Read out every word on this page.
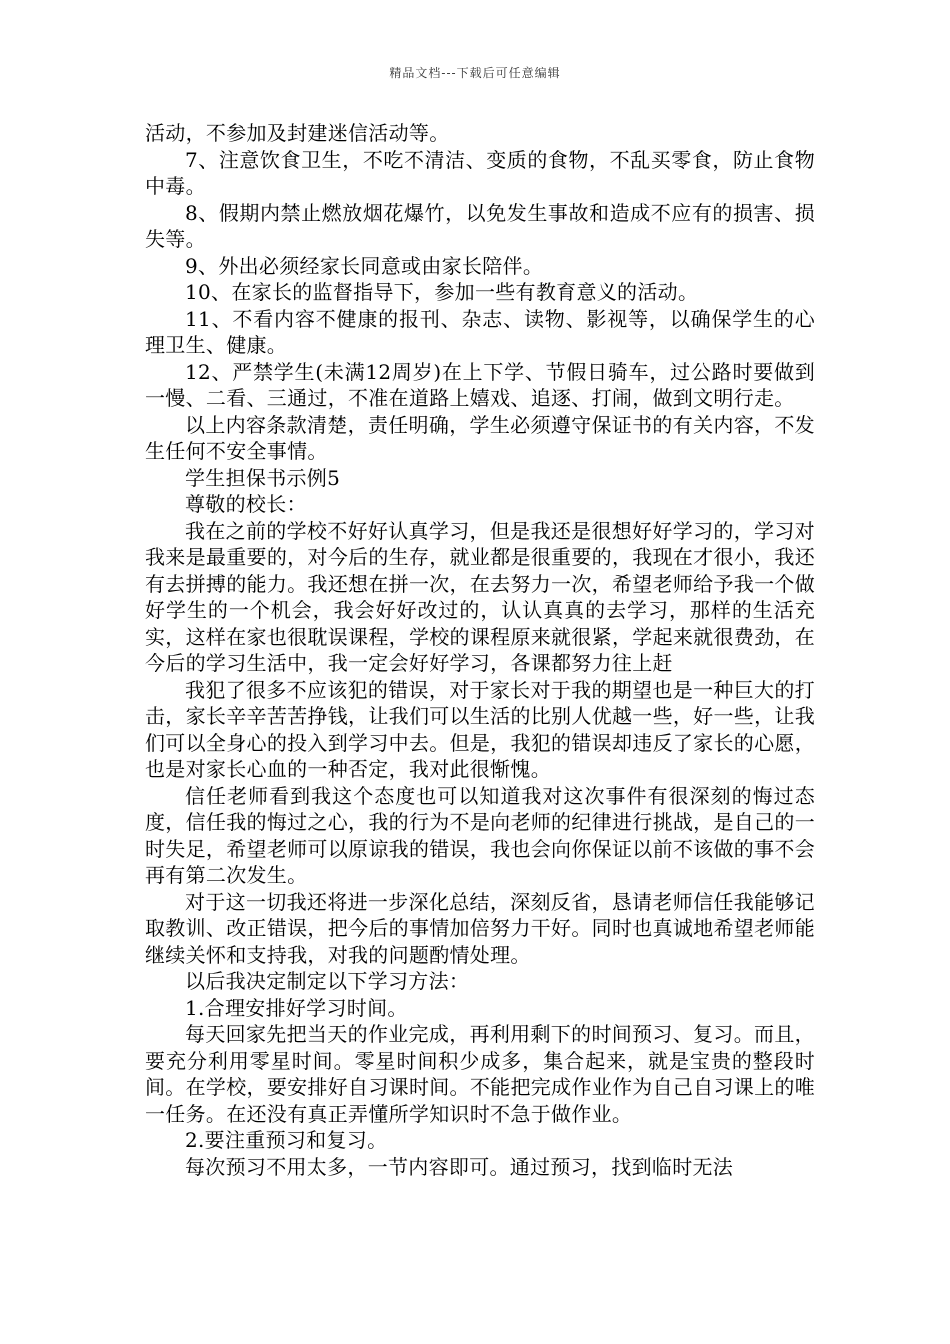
精品文档---下载后可任意编辑

活动，不参加及封建迷信活动等。

7、注意饮食卫生，不吃不清洁、变质的食物，不乱买零食，防止食物中毒。

8、假期内禁止燃放烟花爆竹，以免发生事故和造成不应有的损害、损失等。

9、外出必须经家长同意或由家长陪伴。

10、在家长的监督指导下，参加一些有教育意义的活动。

11、不看内容不健康的报刊、杂志、读物、影视等，以确保学生的心理卫生、健康。

12、严禁学生(未满12周岁)在上下学、节假日骑车，过公路时要做到一慢、二看、三通过，不准在道路上嬉戏、追逐、打闹，做到文明行走。

以上内容条款清楚，责任明确，学生必须遵守保证书的有关内容，不发生任何不安全事情。

学生担保书示例5

尊敬的校长：

我在之前的学校不好好认真学习，但是我还是很想好好学习的，学习对我来是最重要的，对今后的生存，就业都是很重要的，我现在才很小，我还有去拼搏的能力。我还想在拼一次，在去努力一次，希望老师给予我一个做好学生的一个机会，我会好好改过的，认认真真的去学习，那样的生活充实，这样在家也很耽误课程，学校的课程原来就很紧，学起来就很费劲，在今后的学习生活中，我一定会好好学习，各课都努力往上赶

我犯了很多不应该犯的错误，对于家长对于我的期望也是一种巨大的打击，家长辛辛苦苦挣钱，让我们可以生活的比别人优越一些，好一些，让我们可以全身心的投入到学习中去。但是，我犯的错误却违反了家长的心愿，也是对家长心血的一种否定，我对此很惭愧。

信任老师看到我这个态度也可以知道我对这次事件有很深刻的悔过态度，信任我的悔过之心，我的行为不是向老师的纪律进行挑战，是自己的一时失足，希望老师可以原谅我的错误，我也会向你保证以前不该做的事不会再有第二次发生。

对于这一切我还将进一步深化总结，深刻反省，恳请老师信任我能够记取教训、改正错误，把今后的事情加倍努力干好。同时也真诚地希望老师能继续关怀和支持我，对我的问题酌情处理。

以后我决定制定以下学习方法：

1.合理安排好学习时间。

每天回家先把当天的作业完成，再利用剩下的时间预习、复习。而且，要充分利用零星时间。零星时间积少成多，集合起来，就是宝贵的整段时间。在学校，要安排好自习课时间。不能把完成作业作为自己自习课上的唯一任务。在还没有真正弄懂所学知识时不急于做作业。

2.要注重预习和复习。

每次预习不用太多，一节内容即可。通过预习，找到临时无法
